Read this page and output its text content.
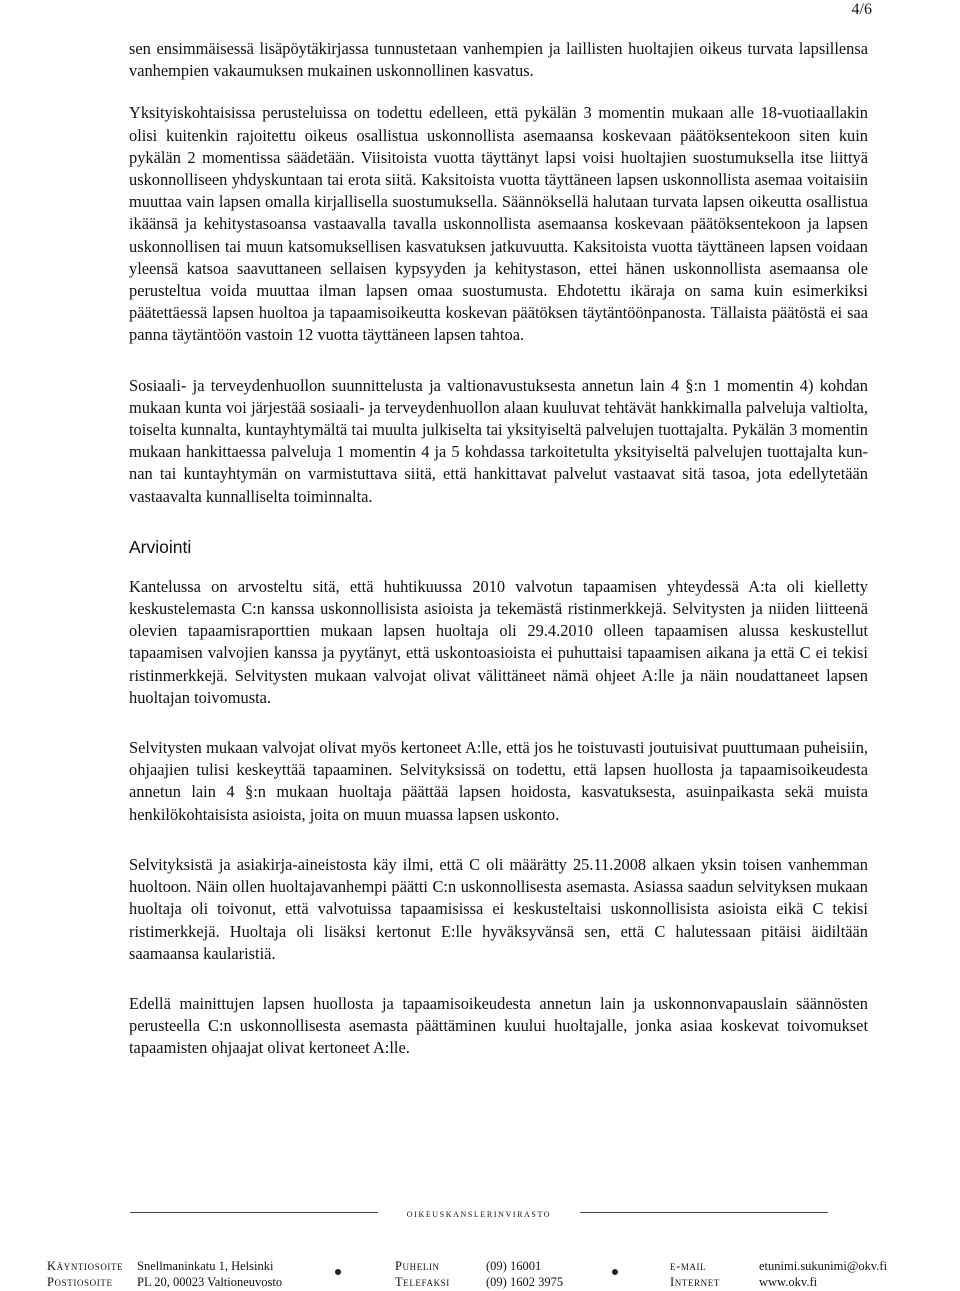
4/6

sen ensimmäisessä lisäpöytäkirjassa tunnustetaan vanhempien ja laillisten huoltajien oikeus turvata lapsillensa vanhempien vakaumuksen mukainen uskonnollinen kasvatus.

Yksityiskohtaisissa perusteluissa on todettu edelleen, että pykälän 3 momentin mukaan alle 18-vuotiaallakin olisi kuitenkin rajoitettu oikeus osallistua uskonnollista asemaansa koskevaan päätöksentekoon siten kuin pykälän 2 momentissa säädetään. Viisitoista vuotta täyttänyt lapsi voisi huoltajien suostumuksella itse liittyä uskonnolliseen yhdyskuntaan tai erota siitä. Kaksitoista vuotta täyttäneen lapsen uskonnollista asemaa voitaisiin muuttaa vain lapsen omalla kirjallisella suostumuksella. Säännöksellä halutaan turvata lapsen oikeutta osallistua ikäänsä ja kehitystasoansa vastaavalla tavalla uskonnollista asemaansa koskevaan päätöksentekoon ja lapsen uskonnollisen tai muun katsomuksellisen kasvatuksen jatkuvuutta. Kaksitoista vuotta täyttäneen lapsen voidaan yleensä katsoa saavuttaneen sellaisen kypsyyden ja kehitystason, ettei hänen uskonnollista asemaansa ole perusteltua voida muuttaa ilman lapsen omaa suostumusta. Ehdotettu ikäraja on sama kuin esimerkiksi päätettäessä lapsen huoltoa ja tapaamisoikeutta koskevan päätöksen täytäntöönpanosta. Tällaista päätöstä ei saa panna täytäntöön vastoin 12 vuotta täyttäneen lapsen tahtoa.

Sosiaali- ja terveydenhuollon suunnittelusta ja valtionavustuksesta annetun lain 4 §:n 1 momentin 4) kohdan mukaan kunta voi järjestää sosiaali- ja terveydenhuollon alaan kuuluvat tehtävät hankkimalla palveluja valtiolta, toiselta kunnalta, kuntayhtymältä tai muulta julkiselta tai yksityiseltä palvelujen tuottajalta. Pykälän 3 momentin mukaan hankittaessa palveluja 1 momentin 4 ja 5 kohdassa tarkoitetulta yksityiseltä palvelujen tuottajalta kunnan tai kuntayhtymän on varmistuttava siitä, että hankittavat palvelut vastaavat sitä tasoa, jota edellytetään vastaavalta kunnalliselta toiminnalta.

Arviointi

Kantelussa on arvosteltu sitä, että huhtikuussa 2010 valvotun tapaamisen yhteydessä A:ta oli kielletty keskustelemasta C:n kanssa uskonnollisista asioista ja tekemästä ristinmerkkejä. Selvitysten ja niiden liitteenä olevien tapaamisraporttien mukaan lapsen huoltaja oli 29.4.2010 olleen tapaamisen alussa keskustellut tapaamisen valvojien kanssa ja pyytänyt, että uskontoasioista ei puhuttaisi tapaamisen aikana ja että C ei tekisi ristinmerkkejä. Selvitysten mukaan valvojat olivat välittäneet nämä ohjeet A:lle ja näin noudattaneet lapsen huoltajan toivomusta.

Selvitysten mukaan valvojat olivat myös kertoneet A:lle, että jos he toistuvasti joutuisivat puuttumaan puheisiin, ohjaajien tulisi keskeyttää tapaaminen. Selvityksissä on todettu, että lapsen huollosta ja tapaamisoikeudesta annetun lain 4 §:n mukaan huoltaja päättää lapsen hoidosta, kasvatuksesta, asuinpaikasta sekä muista henkilökohtaisista asioista, joita on muun muassa lapsen uskonto.

Selvityksistä ja asiakirja-aineistosta käy ilmi, että C oli määrätty 25.11.2008 alkaen yksin toisen vanhemman huoltoon. Näin ollen huoltajavanhempi päätti C:n uskonnollisesta asemasta. Asiassa saadun selvityksen mukaan huoltaja oli toivonut, että valvotuissa tapaamisissa ei keskusteltaisi uskonnollisista asioista eikä C tekisi ristimerkkejä. Huoltaja oli lisäksi kertonut E:lle hyväksyvänsä sen, että C halutessaan pitäisi äidiltään saamaansa kaularistiä.

Edellä mainittujen lapsen huollosta ja tapaamisoikeudesta annetun lain ja uskonnonvapauslain säännösten perusteella C:n uskonnollisesta asemasta päättäminen kuului huoltajalle, jonka asiaa koskevat toivomukset tapaamisten ohjaajat olivat kertoneet A:lle.

oikeuskanslerinvirasto
Käyntiosoite Snellmaninkatu 1, Helsinki
Postiosoite PL 20, 00023 Valtioneuvosto
Puhelin	(09) 16001
Telefaksi	(09) 1602 3975
e-mail	etunimi.sukunimi@okv.fi
Internet	www.okv.fi
